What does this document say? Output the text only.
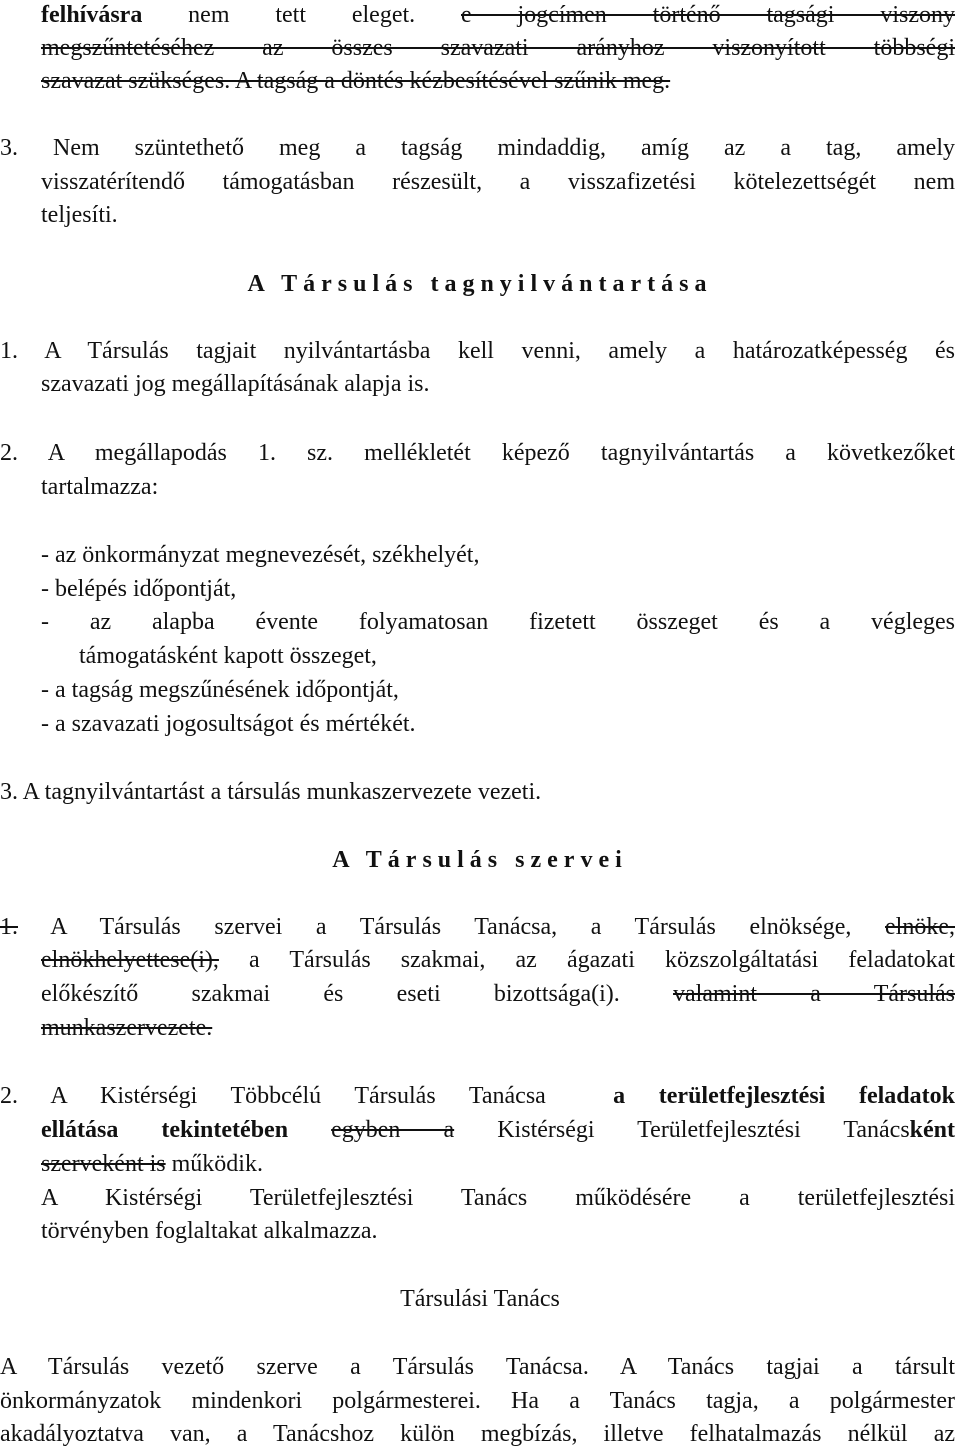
felhívásra nem tett eleget. e jogcímen történő tagsági viszony
megszűntetéséhez az összes szavazati arányhoz viszonyított többségi
szavazat szükséges. A tagság a döntés kézbesítésével szűnik meg.
3. Nem szüntethető meg a tagság mindaddig, amíg az a tag, amely
visszatérítendő támogatásban részesült, a visszafizetési kötelezettségét nem
teljesíti.
A Társulás tagnyilvántartása
1. A Társulás tagjait nyilvántartásba kell venni, amely a határozatképesség és
szavazati jog megállapításának alapja is.
2. A megállapodás 1. sz. mellékletét képező tagnyilvántartás a következőket
tartalmazza:
- az önkormányzat megnevezését, székhelyét,
- belépés időpontját,
- az alapba évente folyamatosan fizetett összeget és a végleges
támogatásként kapott összeget,
- a tagság megszűnésének időpontját,
- a szavazati jogosultságot és mértékét.
3. A tagnyilvántartást a társulás munkaszervezete vezeti.
A Társulás szervei
1. A Társulás szervei a Társulás Tanácsa, a Társulás elnöksége, elnöke,
elnökhelyettese(i), a Társulás szakmai, az ágazati közszolgáltatási feladatokat
előkészítő szakmai és eseti bizottsága(i). valamint a Társulás
munkaszervezete.
2. A Kistérségi Többcélú Társulás Tanácsa  a területfejlesztési feladatok
ellátása tekintetében egyben a Kistérségi Területfejlesztési Tanácsként
szerveként is működik.
A Kistérségi Területfejlesztési Tanács működésére a területfejlesztési
törvényben foglaltakat alkalmazza.
Társulási Tanács
A Társulás vezető szerve a Társulás Tanácsa. A Tanács tagjai a társult
önkormányzatok mindenkori polgármesterei. Ha a Tanács tagja, a polgármester
akadályoztatva van, a Tanácshoz külön megbízás, illetve felhatalmazás nélkül az
